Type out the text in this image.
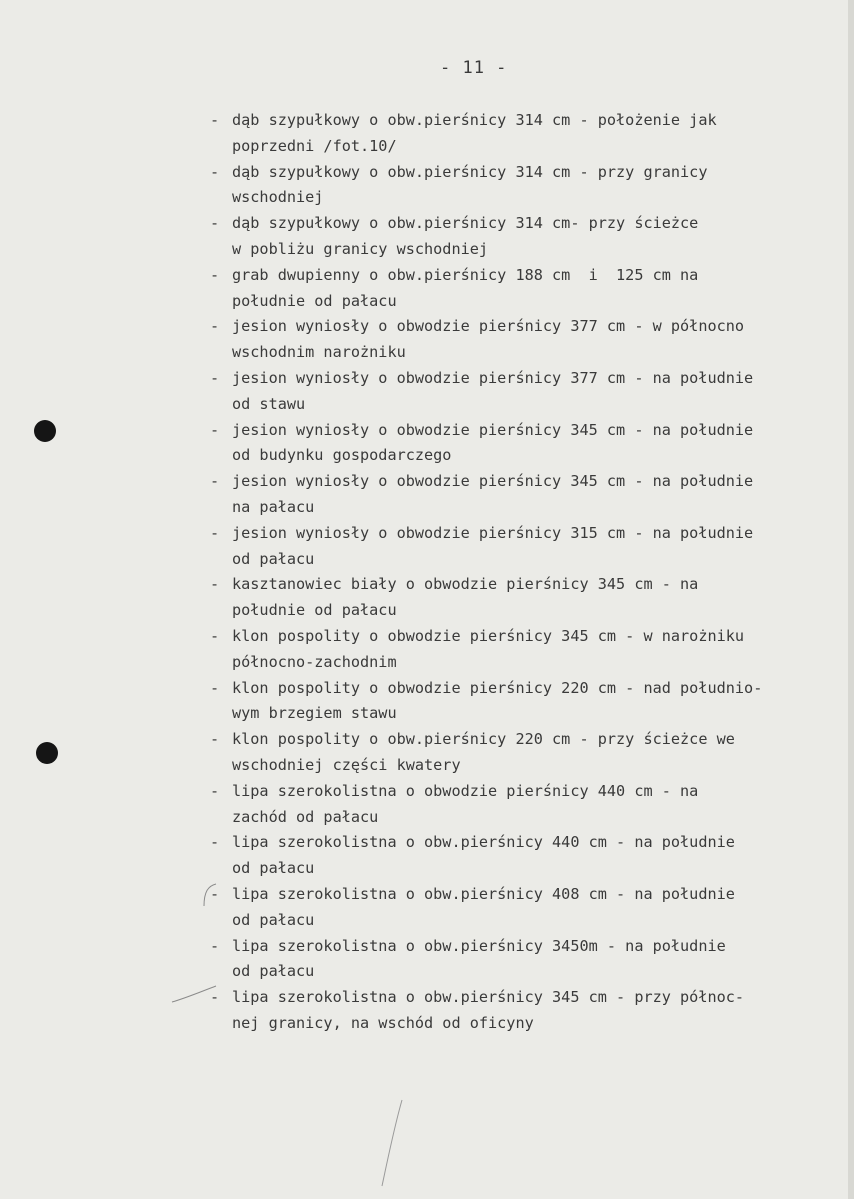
- 11 -
- dąb szypułkowy o obw.pierśnicy 314 cm - położenie jak
poprzedni /fot.10/
- dąb szypułkowy o obw.pierśnicy 314 cm - przy granicy
wschodniej
- dąb szypułkowy o obw.pierśnicy 314 cm- przy ścieżce
w pobliżu granicy wschodniej
- grab dwupienny o obw.pierśnicy 188 cm  i  125 cm na
południe od pałacu
- jesion wyniosły o obwodzie pierśnicy 377 cm - w północno
wschodnim narożniku
- jesion wyniosły o obwodzie pierśnicy 377 cm - na południe
od stawu
- jesion wyniosły o obwodzie pierśnicy 345 cm - na południe
od budynku gospodarczego
- jesion wyniosły o obwodzie pierśnicy 345 cm - na południe
na pałacu
- jesion wyniosły o obwodzie pierśnicy 315 cm - na południe
od pałacu
- kasztanowiec biały o obwodzie pierśnicy 345 cm - na
południe od pałacu
- klon pospolity o obwodzie pierśnicy 345 cm - w narożniku
północno-zachodnim
- klon pospolity o obwodzie pierśnicy 220 cm - nad południo-
wym brzegiem stawu
- klon pospolity o obw.pierśnicy 220 cm - przy ścieżce we
wschodniej części kwatery
- lipa szerokolistna o obwodzie pierśnicy 440 cm - na
zachód od pałacu
- lipa szerokolistna o obw.pierśnicy 440 cm - na południe
od pałacu
- lipa szerokolistna o obw.pierśnicy 408 cm - na południe
od pałacu
- lipa szerokolistna o obw.pierśnicy 3450m - na południe
od pałacu
- lipa szerokolistna o obw.pierśnicy 345 cm - przy północ-
nej granicy, na wschód od oficyny
